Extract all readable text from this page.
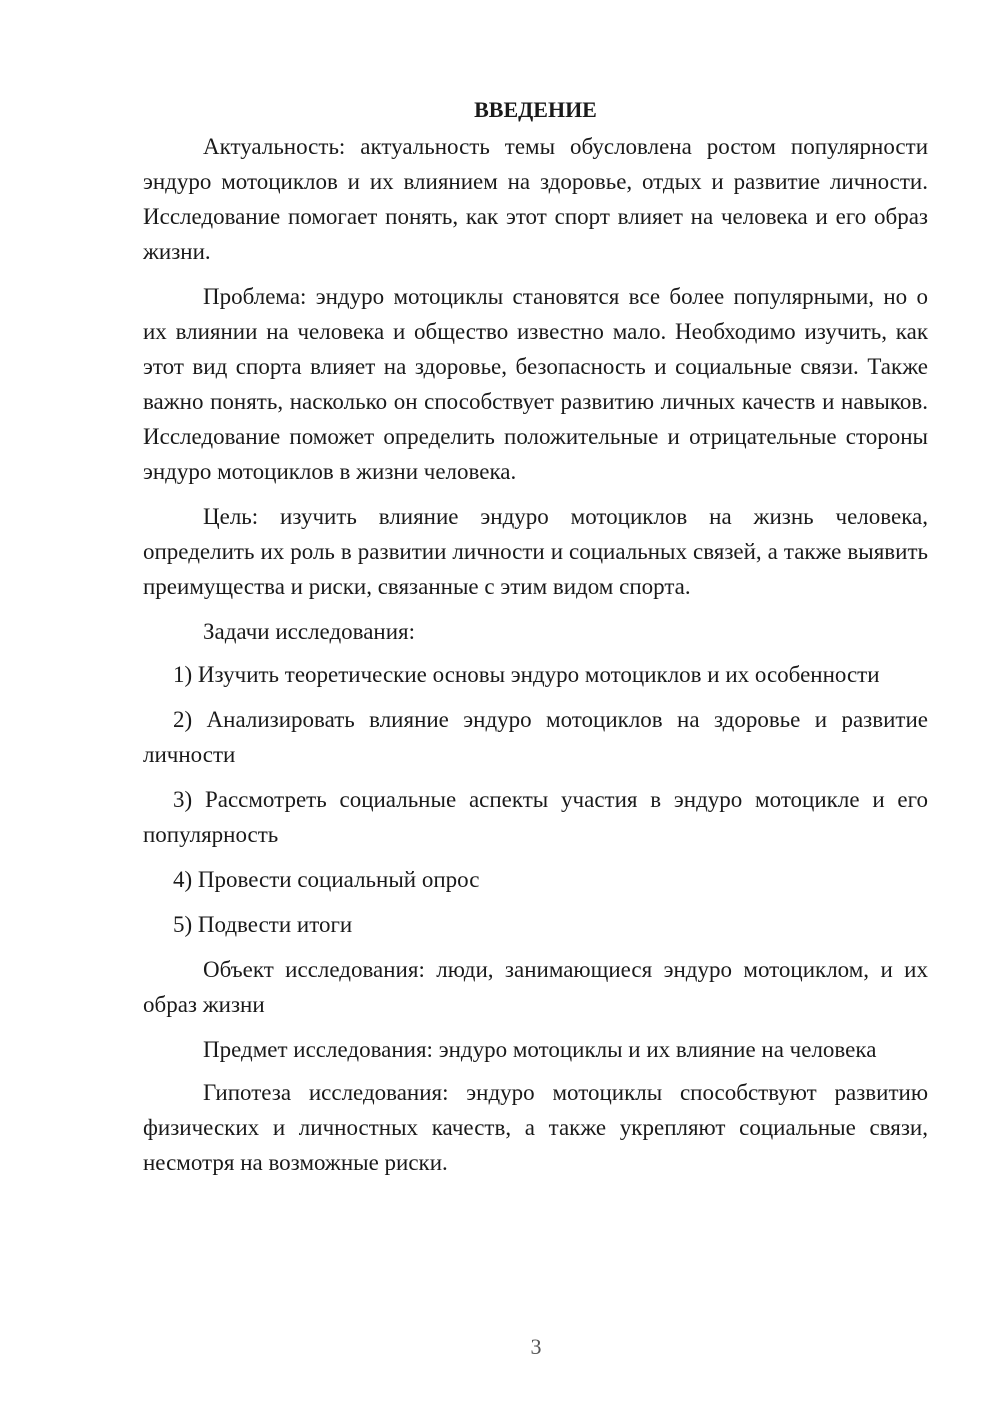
ВВЕДЕНИЕ

Актуальность: актуальность темы обусловлена ростом популярности эндуро мотоциклов и их влиянием на здоровье, отдых и развитие личности. Исследование помогает понять, как этот спорт влияет на человека и его образ жизни.

Проблема: эндуро мотоциклы становятся все более популярными, но о их влиянии на человека и общество известно мало. Необходимо изучить, как этот вид спорта влияет на здоровье, безопасность и социальные связи. Также важно понять, насколько он способствует развитию личных качеств и навыков. Исследование поможет определить положительные и отрицательные стороны эндуро мотоциклов в жизни человека.

Цель: изучить влияние эндуро мотоциклов на жизнь человека, определить их роль в развитии личности и социальных связей, а также выявить преимущества и риски, связанные с этим видом спорта.

Задачи исследования:

1) Изучить теоретические основы эндуро мотоциклов и их особенности

2) Анализировать влияние эндуро мотоциклов на здоровье и развитие личности

3) Рассмотреть социальные аспекты участия в эндуро мотоцикле и его популярность

4) Провести социальный опрос

5) Подвести итоги

Объект исследования: люди, занимающиеся эндуро мотоциклом, и их образ жизни

Предмет исследования: эндуро мотоциклы и их влияние на человека

Гипотеза исследования: эндуро мотоциклы способствуют развитию физических и личностных качеств, а также укрепляют социальные связи, несмотря на возможные риски.

3
